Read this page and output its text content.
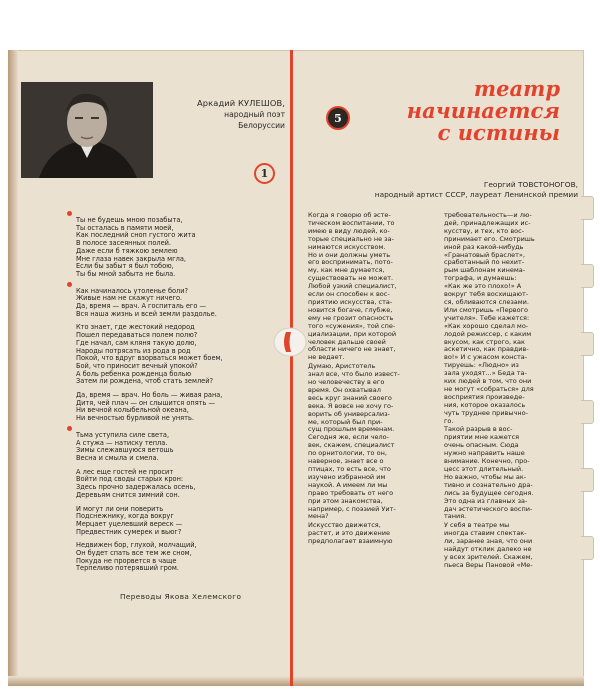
Аркадий КУЛЕШОВ,
народный поэт
Белоруссии
1
Ты не будешь мною позабыта,
Ты осталась в памяти моей,
Как последний сноп густого жита
В полосе засеянных полей.
Даже если б тяжкою землею
Мне глаза навек закрыла мгла,
Если бы забыт я был тобою,
Ты бы мной забыта не была.
Как начиналось утоленье боли?
Живые нам не скажут ничего.
Да, время — врач. А госпиталь его —
Вся наша жизнь и всей земли раздолье.
Кто знает, где жестокий недород
Пошел передаваться полем полю?
Где начал, сам кляня такую долю,
Народы потрясать из рода в род
Покой, что вдруг взорваться может боем,
Бой, что приносит вечный упокой?
А боль ребенка рожденца болью
Затем ли рождена, чтоб стать землей?
Да, время — врач. Но боль — живая рана,
Дитя, чей плач — он слышится опять —
Ни вечной колыбельной океана,
Ни вечностью бурливой не унять.
Тьма уступила силе света,
А стужа — натиску тепла.
Зимы слежавшуюся ветошь
Весна и смыла и смела.
А лес еще гостей не просит
Войти под своды старых крон:
Здесь прочно задержалась осень,
Деревьям снится зимний сон.
И могут ли они поверить
Подснежнику, когда вокруг
Мерцает уцелевший вереск —
Предвестник сумерек и вьюг?
Недвижен бор, глухой, молчащий,
Он будет спать все тем же сном,
Покуда не прорвется в чаще
Терпеливо потерявший гром.
Переводы Якова Хелемского
5
театр
начинается
с истины
Георгий ТОВСТОНОГОВ,
народный артист СССР, лауреат Ленинской премии
Когда я говорю об эсте-
тическом воспитании, то
имею в виду людей, ко-
торые специально не за-
нимаются искусством.
Но и они должны уметь
его воспринимать, пото-
му, как мне думается,
существовать не может.
Любой узкий специалист,
если он способен к вос-
приятию искусства, ста-
новится богаче, глубже,
ему не грозит опасность
того «сужения», той спе-
циализации, при которой
человек дальше своей
области ничего не знает,
не ведает.
Думаю, Аристотель
знал все, что было извест-
но человечеству в его
время. Он охватывал
весь круг знаний своего
века. Я вовсе не хочу го-
ворить об универсализ-
ме, который был при-
сущ прошлым временам.
Сегодня же, если чело-
век, скажем, специалист
по орнитологии, то он,
наверное, знает все о
птицах, то есть все, что
изучено избранной им
наукой. А имеем ли мы
право требовать от него
при этом знакомства,
например, с поэзией Уит-
мена?
Искусство движется,
растет, и это движение
предполагает взаимную
требовательность—и лю-
дей, принадлежащих ис-
кусству, и тех, кто вос-
принимает его. Смотришь
иной раз какой-нибудь
«Гранатовый браслет»,
сработанный по нехит-
рым шаблонам кинема-
тографа, и думаешь:
«Как же это плохо!» А
вокруг тебя восхищают-
ся, обливаются слезами.
Или смотришь «Первого
учителя». Тебе кажется:
«Как хорошо сделал мо-
лодой режиссер, с каким
вкусом, как строго, как
аскетично, как правдив-
во!» И с ужасом конста-
тируешь: «Людно» из
зала уходят...» Беда та-
ких людей в том, что они
не могут «собраться» для
восприятия произведе-
ния, которое оказалось
чуть труднее привычно-
го.
Такой разрыв в вос-
приятии мне кажется
очень опасным. Сюда
нужно направить наше
внимание. Конечно, про-
цесс этот длительный.
Но важно, чтобы мы ак-
тивно и сознательно дра-
лись за будущее сегодня.
Это одна из главных за-
дач эстетического воспи-
тания.
У себя в театре мы
иногда ставим спектак-
ли, заранее зная, что они
найдут отклик далеко не
у всех зрителей. Скажем,
пьеса Веры Пановой «Ме-
